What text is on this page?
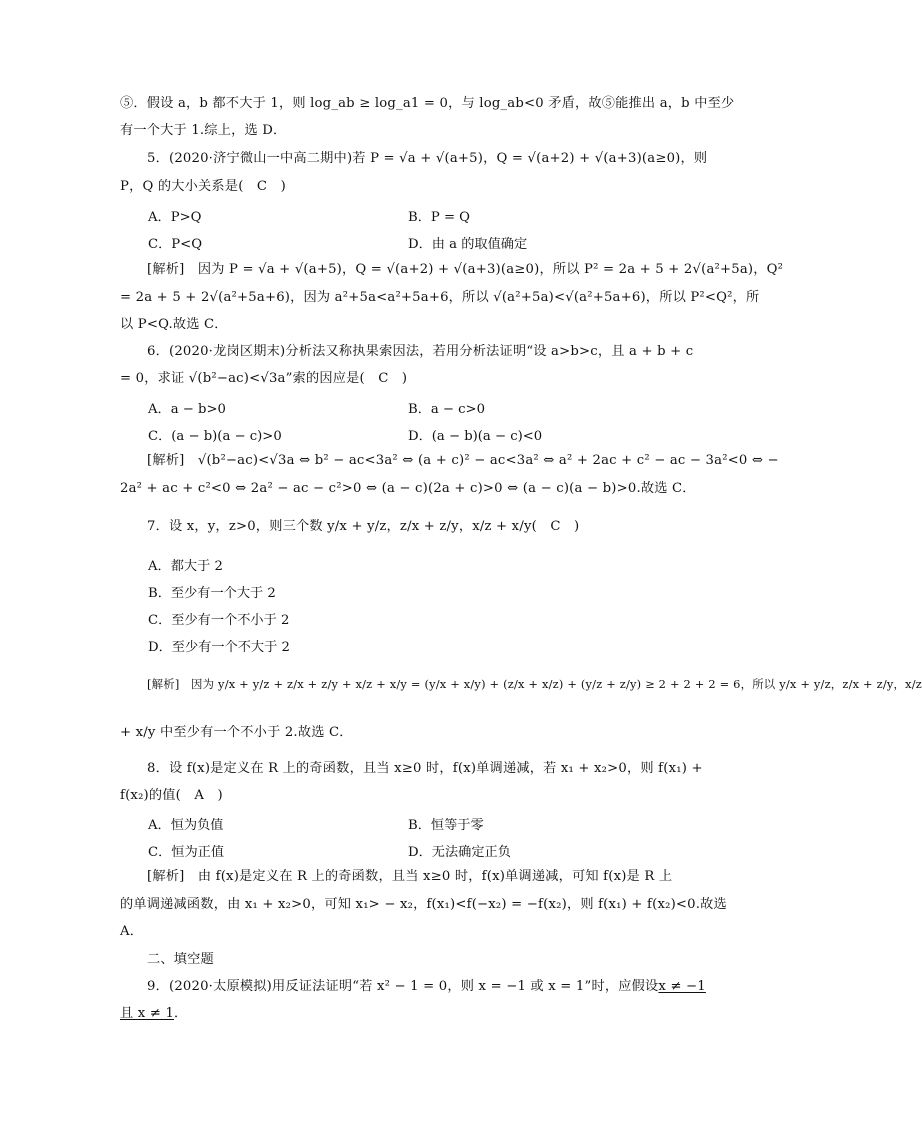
⑤．假设 a，b 都不大于 1，则 log_ab ≥ log_a1 = 0，与 log_ab<0 矛盾，故⑤能推出 a，b 中至少
有一个大于 1.综上，选 D．
5．(2020·济宁微山一中高二期中)若 P = √a + √(a+5)，Q = √(a+2) + √(a+3)(a≥0)，则
P，Q 的大小关系是(　C　)
A．P>Q	B．P = Q
C．P<Q	D．由 a 的取值确定
[解析]　因为 P = √a + √(a+5)，Q = √(a+2) + √(a+3)(a≥0)，所以 P² = 2a + 5 + 2√(a²+5a)，Q²
= 2a + 5 + 2√(a²+5a+6)，因为 a²+5a<a²+5a+6，所以 √(a²+5a)<√(a²+5a+6)，所以 P²<Q²，所
以 P<Q.故选 C．
6．(2020·龙岗区期末)分析法又称执果索因法，若用分析法证明“设 a>b>c，且 a + b + c
= 0，求证 √(b²−ac)<√3a”索的因应是(　C　)
A．a − b>0	B．a − c>0
C．(a − b)(a − c)>0	D．(a − b)(a − c)<0
[解析]　√(b²−ac)<√3a ⇔ b² − ac<3a² ⇔ (a + c)² − ac<3a² ⇔ a² + 2ac + c² − ac − 3a²<0 ⇔ −
2a² + ac + c²<0 ⇔ 2a² − ac − c²>0 ⇔ (a − c)(2a + c)>0 ⇔ (a − c)(a − b)>0.故选 C．
7．设 x，y，z>0，则三个数 y/x + y/z，z/x + z/y，x/z + x/y(　C　)
A．都大于 2
B．至少有一个大于 2
C．至少有一个不小于 2
D．至少有一个不大于 2
[解析]　因为 y/x + y/z + z/x + z/y + x/z + x/y = (y/x + x/y) + (z/x + x/z) + (y/z + z/y) ≥ 2 + 2 + 2 = 6，所以 y/x + y/z，z/x + z/y，x/z
+ x/y 中至少有一个不小于 2.故选 C．
8．设 f(x)是定义在 R 上的奇函数，且当 x≥0 时，f(x)单调递减，若 x₁ + x₂>0，则 f(x₁) +
f(x₂)的值(　A　)
A．恒为负值	B．恒等于零
C．恒为正值	D．无法确定正负
[解析]　由 f(x)是定义在 R 上的奇函数，且当 x≥0 时，f(x)单调递减，可知 f(x)是 R 上
的单调递减函数，由 x₁ + x₂>0，可知 x₁> − x₂，f(x₁)<f(−x₂) = −f(x₂)，则 f(x₁) + f(x₂)<0.故选
A．
二、填空题
9．(2020·太原模拟)用反证法证明“若 x² − 1 = 0，则 x = −1 或 x = 1”时，应假设x ≠ −1
且 x ≠ 1．
